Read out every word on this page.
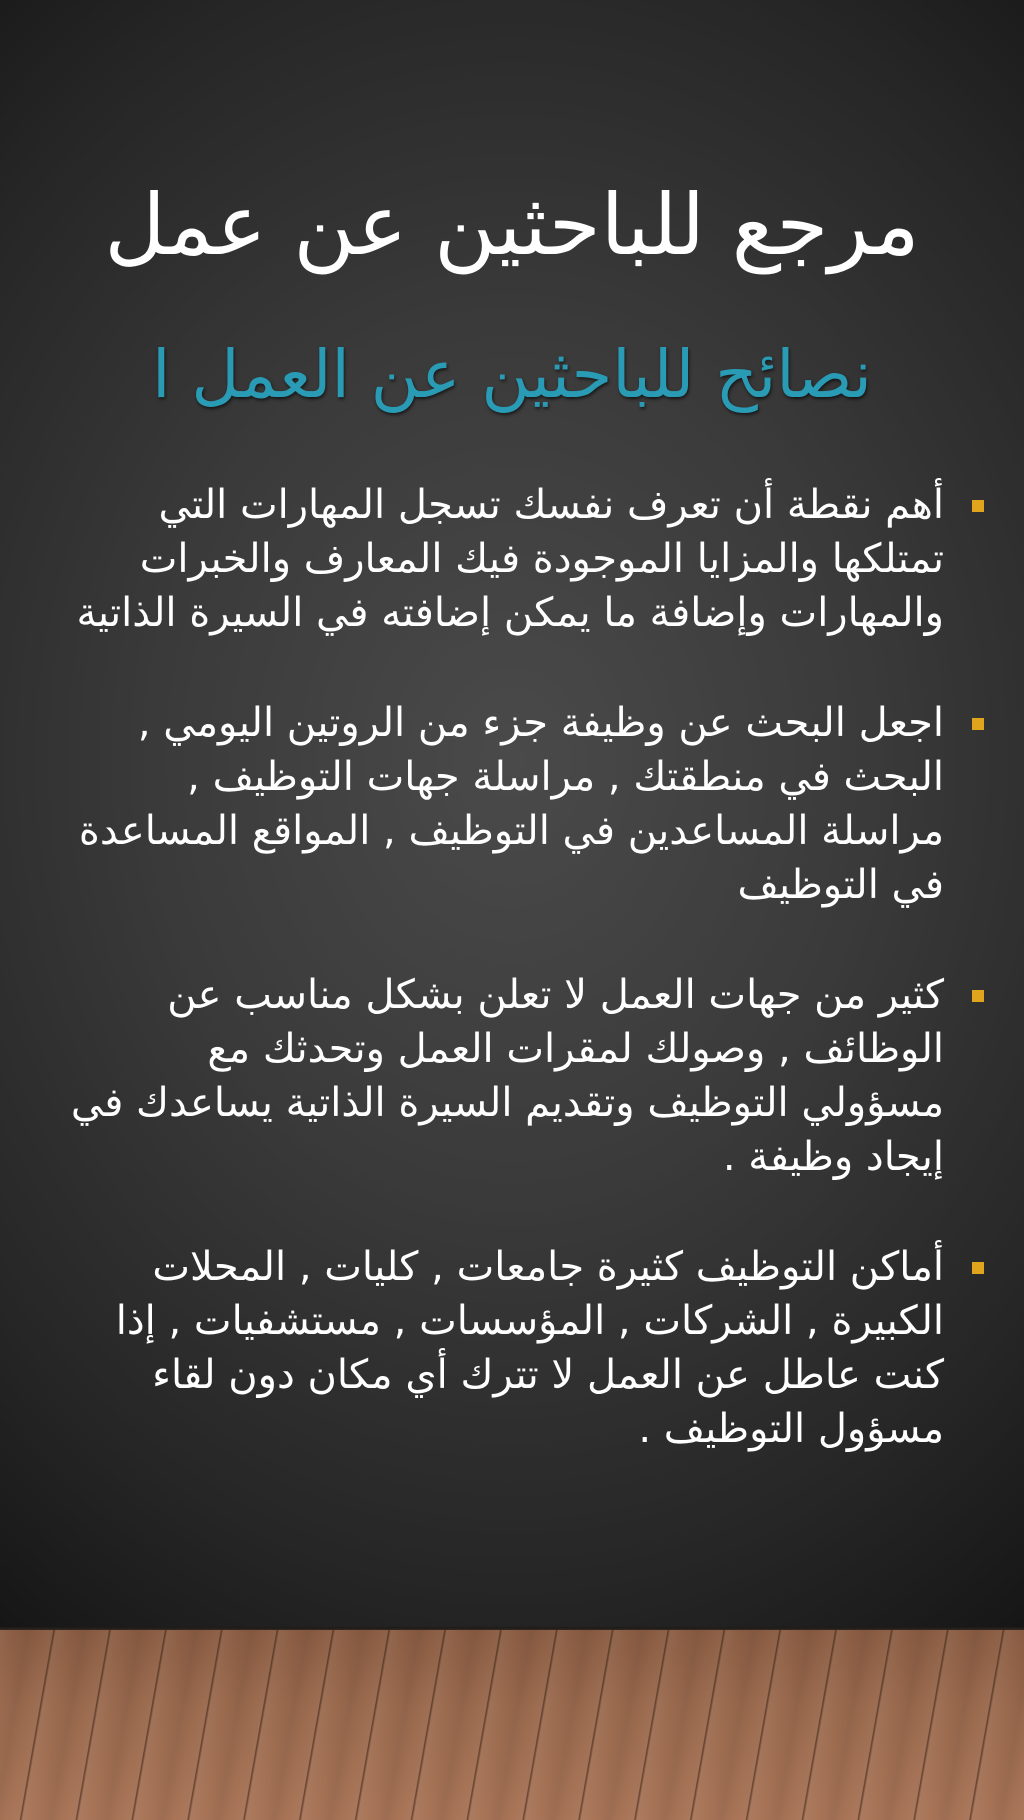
مرجع للباحثين عن عمل
نصائح للباحثين عن العمل ا
أهم نقطة أن تعرف نفسك تسجل المهارات التي تمتلكها والمزايا الموجودة فيك المعارف والخبرات والمهارات وإضافة ما يمكن إضافته في السيرة الذاتية
اجعل البحث عن وظيفة جزء من الروتين اليومي , البحث في منطقتك , مراسلة جهات التوظيف , مراسلة المساعدين في التوظيف , المواقع المساعدة في التوظيف
كثير من جهات العمل لا تعلن بشكل مناسب عن الوظائف , وصولك لمقرات العمل وتحدثك مع مسؤولي التوظيف وتقديم السيرة الذاتية يساعدك في إيجاد وظيفة .
أماكن التوظيف كثيرة جامعات , كليات , المحلات الكبيرة , الشركات , المؤسسات , مستشفيات , إذا كنت عاطل عن العمل لا تترك أي مكان دون لقاء مسؤول التوظيف .
